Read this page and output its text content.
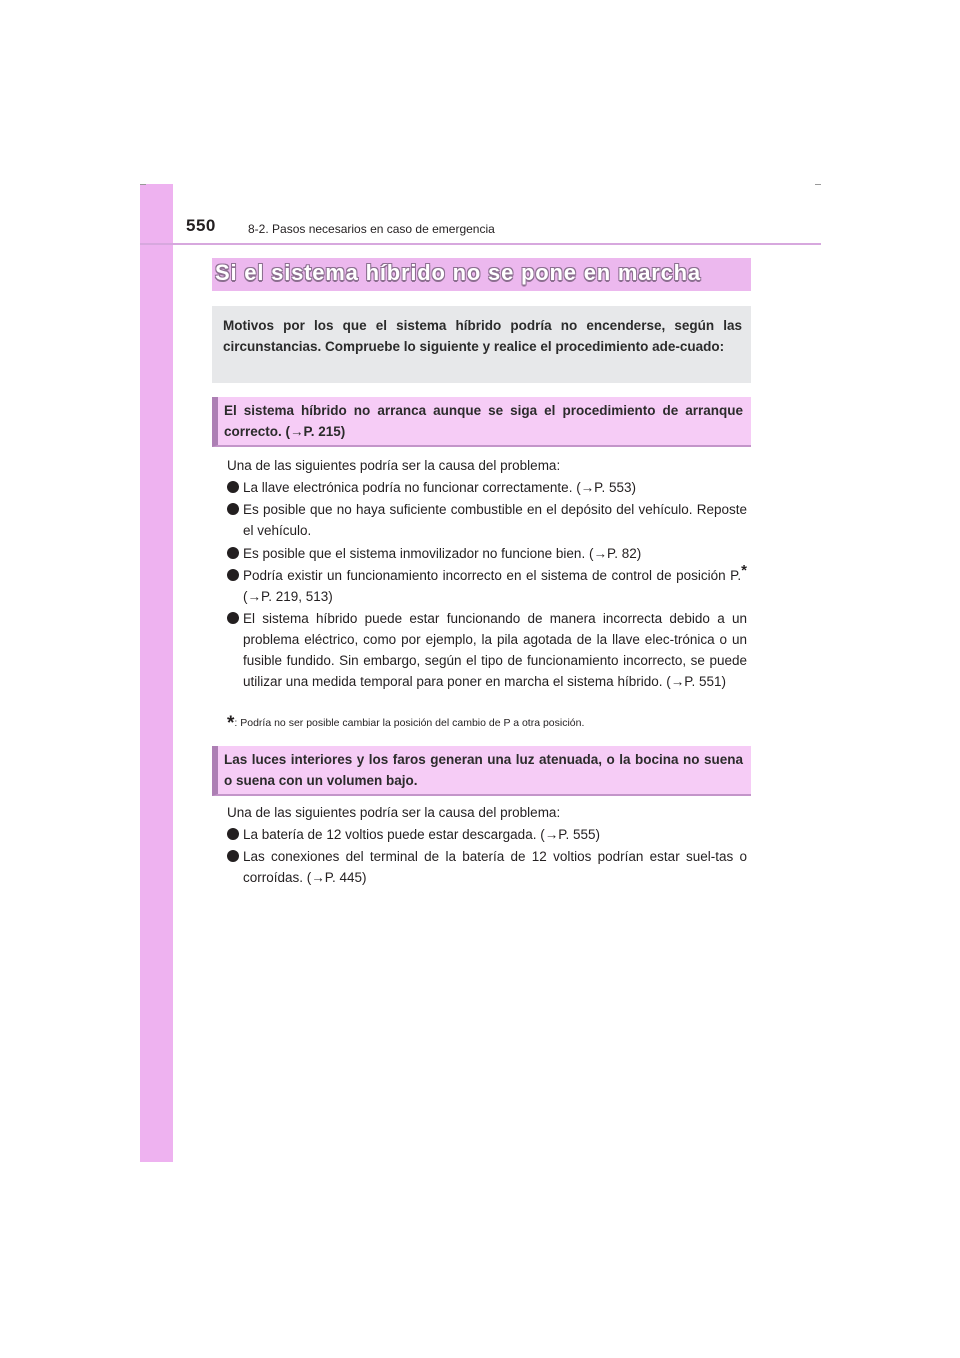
550	8-2. Pasos necesarios en caso de emergencia
Si el sistema híbrido no se pone en marcha

Motivos por los que el sistema híbrido podría no encenderse, según las circunstancias. Compruebe lo siguiente y realice el procedimiento ade-cuado:

El sistema híbrido no arranca aunque se siga el procedimiento de arranque correcto. (→P. 215)

Una de las siguientes podría ser la causa del problema:
La llave electrónica podría no funcionar correctamente. (→P. 553)
Es posible que no haya suficiente combustible en el depósito del vehículo. Reposte el vehículo.
Es posible que el sistema inmovilizador no funcione bien. (→P. 82)
Podría existir un funcionamiento incorrecto en el sistema de control de posición P.* (→P. 219, 513)
El sistema híbrido puede estar funcionando de manera incorrecta debido a un problema eléctrico, como por ejemplo, la pila agotada de la llave elec-trónica o un fusible fundido. Sin embargo, según el tipo de funcionamiento incorrecto, se puede utilizar una medida temporal para poner en marcha el sistema híbrido. (→P. 551)
*: Podría no ser posible cambiar la posición del cambio de P a otra posición.

Las luces interiores y los faros generan una luz atenuada, o la bocina no suena o suena con un volumen bajo.

Una de las siguientes podría ser la causa del problema:
La batería de 12 voltios puede estar descargada. (→P. 555)
Las conexiones del terminal de la batería de 12 voltios podrían estar suel-tas o corroídas. (→P. 445)
